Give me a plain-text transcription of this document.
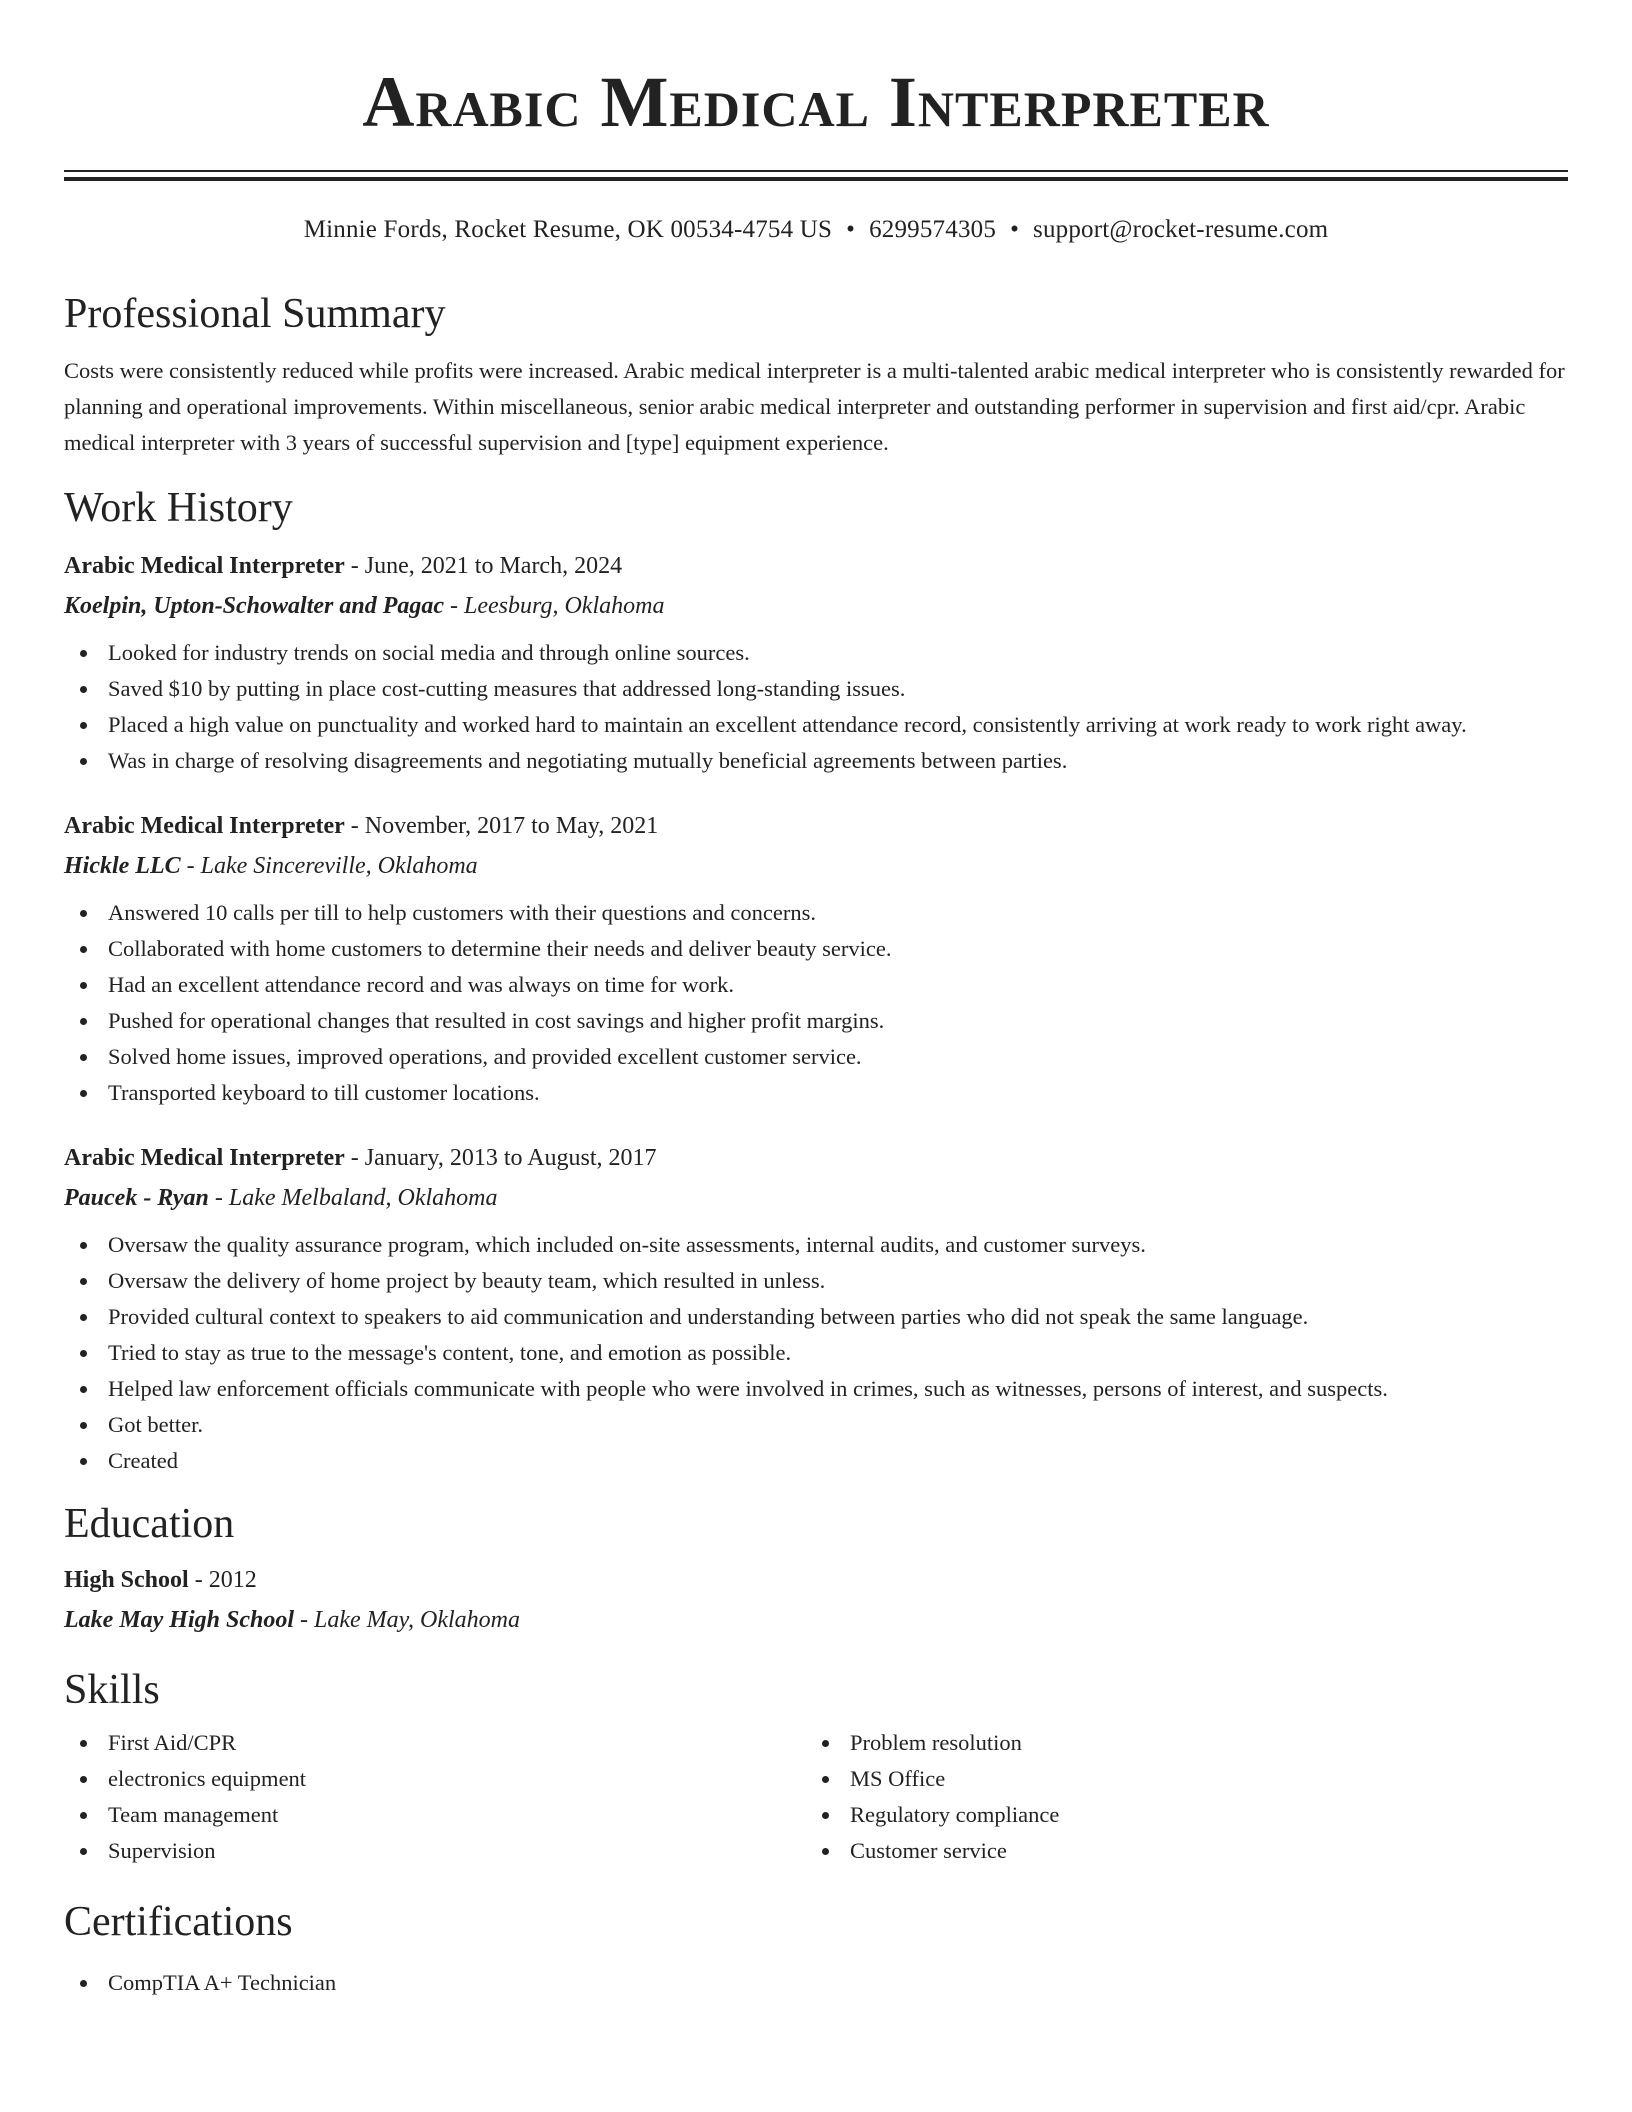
Arabic Medical Interpreter
Minnie Fords, Rocket Resume, OK 00534-4754 US • 6299574305 • support@rocket-resume.com
Professional Summary

Costs were consistently reduced while profits were increased. Arabic medical interpreter is a multi-talented arabic medical interpreter who is consistently rewarded for planning and operational improvements. Within miscellaneous, senior arabic medical interpreter and outstanding performer in supervision and first aid/cpr. Arabic medical interpreter with 3 years of successful supervision and [type] equipment experience.

Work History
Arabic Medical Interpreter - June, 2021 to March, 2024
Koelpin, Upton-Schowalter and Pagac - Leesburg, Oklahoma
Looked for industry trends on social media and through online sources.
Saved $10 by putting in place cost-cutting measures that addressed long-standing issues.
Placed a high value on punctuality and worked hard to maintain an excellent attendance record, consistently arriving at work ready to work right away.
Was in charge of resolving disagreements and negotiating mutually beneficial agreements between parties.
Arabic Medical Interpreter - November, 2017 to May, 2021
Hickle LLC - Lake Sincereville, Oklahoma
Answered 10 calls per till to help customers with their questions and concerns.
Collaborated with home customers to determine their needs and deliver beauty service.
Had an excellent attendance record and was always on time for work.
Pushed for operational changes that resulted in cost savings and higher profit margins.
Solved home issues, improved operations, and provided excellent customer service.
Transported keyboard to till customer locations.
Arabic Medical Interpreter - January, 2013 to August, 2017
Paucek - Ryan - Lake Melbaland, Oklahoma
Oversaw the quality assurance program, which included on-site assessments, internal audits, and customer surveys.
Oversaw the delivery of home project by beauty team, which resulted in unless.
Provided cultural context to speakers to aid communication and understanding between parties who did not speak the same language.
Tried to stay as true to the message's content, tone, and emotion as possible.
Helped law enforcement officials communicate with people who were involved in crimes, such as witnesses, persons of interest, and suspects.
Got better.
Created
Education
High School - 2012
Lake May High School - Lake May, Oklahoma
Skills
First Aid/CPR
electronics equipment
Team management
Supervision
Problem resolution
MS Office
Regulatory compliance
Customer service
Certifications
CompTIA A+ Technician
